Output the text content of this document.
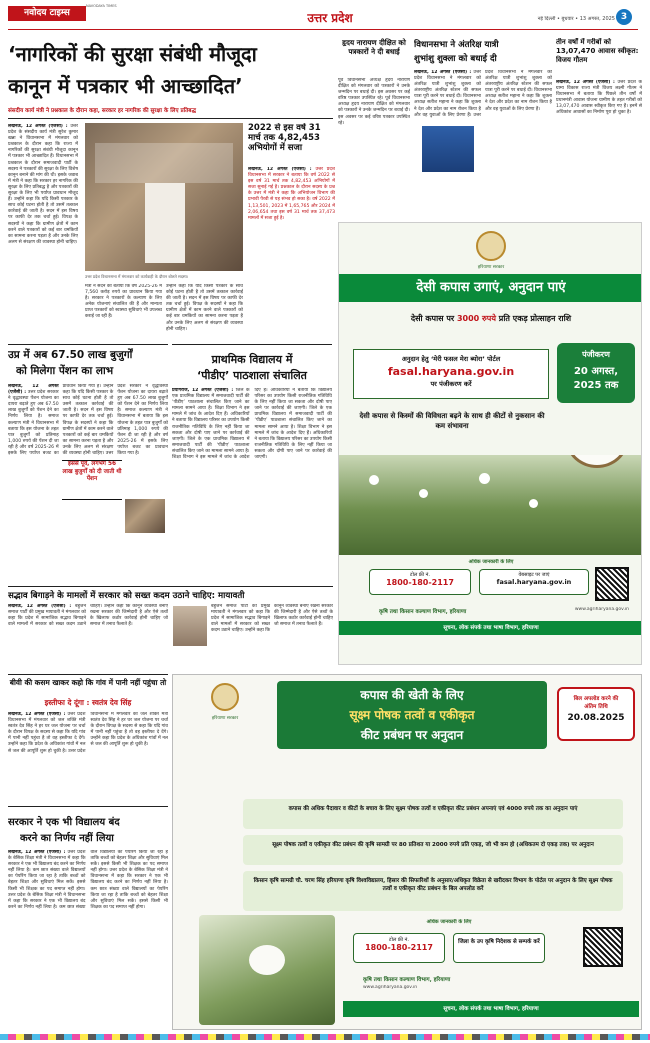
नवोदय टाइम्स
NAVODAYA TIMES
उत्तर प्रदेश	नई दिल्ली • बुधवार • 13 अगस्त, 2025 3
‘नागरिकों की सुरक्षा संबंधी मौजूदा
कानून में पत्रकार भी आच्छादित’
संसदीय कार्य मंत्री ने प्रश्नकाल के दौरान कहा, सरकार हर नागरिक की सुरक्षा के लिए प्रतिबद्ध
लखनऊ, 12 अगस्त (एजेंसी) : उत्तर प्रदेश के संसदीय कार्य मंत्री सुरेश कुमार खन्ना ने विधानसभा में मंगलवार को प्रश्नकाल के दौरान कहा कि राज्य में नागरिकों की सुरक्षा संबंधी मौजूदा कानून में पत्रकार भी आच्छादित हैं। विधानसभा में प्रश्नकाल के दौरान समाजवादी पार्टी के सदस्य ने पत्रकारों की सुरक्षा के लिए विशेष कानून बनाने की मांग की थी। इसके जवाब में मंत्री ने कहा कि सरकार हर नागरिक की सुरक्षा के लिए प्रतिबद्ध है और पत्रकारों की सुरक्षा के लिए भी पर्याप्त प्रावधान मौजूद हैं। उन्होंने कहा कि यदि किसी पत्रकार के साथ कोई घटना होती है तो उसमें तत्काल कार्रवाई की जाती है। सदन में इस विषय पर काफी देर तक चर्चा हुई। विपक्ष के सदस्यों ने कहा कि ग्रामीण क्षेत्रों में काम करने वाले पत्रकारों को कई बार धमकियों का सामना करना पड़ता है और उनके लिए अलग से संरक्षण की व्यवस्था होनी चाहिए।
उत्तर प्रदेश विधानसभा में मंगलवार को कार्यवाही के दौरान बोलते सदस्य।
मंत्री ने सदन को बताया कि वर्ष 2025-26 में 7,560 करोड़ रुपये का प्रावधान किया गया है। सरकार ने पत्रकारों के कल्याण के लिए अनेक योजनाएं संचालित की हैं और मान्यता प्राप्त पत्रकारों को स्वास्थ्य सुविधाएं भी उपलब्ध कराई जा रही हैं।
उन्होंने कहा कि यदि किसी पत्रकार के साथ कोई घटना होती है तो उसमें तत्काल कार्रवाई की जाती है। सदन में इस विषय पर काफी देर तक चर्चा हुई। विपक्ष के सदस्यों ने कहा कि ग्रामीण क्षेत्रों में काम करने वाले पत्रकारों को कई बार धमकियों का सामना करना पड़ता है और उनके लिए अलग से संरक्षण की व्यवस्था होनी चाहिए।
2022 से इस वर्ष 31 मार्च तक 4,82,453 अभियोगों में सजा
लखनऊ, 12 अगस्त (एजेंसी) : उत्तर प्रदेश विधानसभा में सरकार ने बताया कि वर्ष 2022 से इस वर्ष 31 मार्च तक 4,82,453 अभियोगों में सजा सुनाई गई है। प्रश्नकाल के दौरान सदस्य के प्रश्न के उत्तर में मंत्री ने कहा कि अभियोजन विभाग की प्रभावी पैरवी से यह संभव हो सका है। वर्ष 2022 में 1,13,501, 2023 में 1,65,765 और 2024 में 2,06,654 तथा इस वर्ष 31 मार्च तक 37,473 मामलों में सजा हुई है।
उप्र में अब 67.50 लाख बुजुर्गों
को मिलेगा पेंशन का लाभ
लखनऊ, 12 अगस्त (एजेंसी) : उत्तर प्रदेश सरकार ने वृद्धावस्था पेंशन योजना का दायरा बढ़ाते हुए अब 67.50 लाख बुजुर्गों को पेंशन देने का निर्णय लिया है। समाज कल्याण मंत्री ने विधानसभा में बताया कि इस योजना के तहत पात्र बुजुर्गों को प्रतिमाह 1,000 रुपये की पेंशन दी जा रही है और वर्ष 2025-26 में इसके लिए पर्याप्त बजट का प्रावधान किया गया है। उन्होंने कहा कि यदि किसी पत्रकार के साथ कोई घटना होती है तो उसमें तत्काल कार्रवाई की जाती है। सदन में इस विषय पर काफी देर तक चर्चा हुई। विपक्ष के सदस्यों ने कहा कि ग्रामीण क्षेत्रों में काम करने वाले पत्रकारों को कई बार धमकियों का सामना करना पड़ता है और उनके लिए अलग से संरक्षण की व्यवस्था होनी चाहिए। उत्तर प्रदेश सरकार ने वृद्धावस्था पेंशन योजना का दायरा बढ़ाते हुए अब 67.50 लाख बुजुर्गों को पेंशन देने का निर्णय लिया है। समाज कल्याण मंत्री ने विधानसभा में बताया कि इस योजना के तहत पात्र बुजुर्गों को प्रतिमाह 1,000 रुपये की पेंशन दी जा रही है और वर्ष 2025-26 में इसके लिए पर्याप्त बजट का प्रावधान किया गया है।
इससे पूर्व, लगभग 56 लाख बुजुर्गों को दी जाती थी पेंशन
प्राथमिक विद्यालय में
‘पीडीए’ पाठशाला संचालित
प्रयागराज, 12 अगस्त (एजेंसी) : जिले के एक प्राथमिक विद्यालय में समाजवादी पार्टी की ‘पीडीए’ पाठशाला संचालित किए जाने का मामला सामने आया है। शिक्षा विभाग ने इस मामले में जांच के आदेश दिए हैं। अधिकारियों ने बताया कि विद्यालय परिसर का उपयोग किसी राजनीतिक गतिविधि के लिए नहीं किया जा सकता और दोषी पाए जाने पर कार्रवाई की जाएगी। जिले के एक प्राथमिक विद्यालय में समाजवादी पार्टी की ‘पीडीए’ पाठशाला संचालित किए जाने का मामला सामने आया है। शिक्षा विभाग ने इस मामले में जांच के आदेश दिए हैं। अधिकारियों ने बताया कि विद्यालय परिसर का उपयोग किसी राजनीतिक गतिविधि के लिए नहीं किया जा सकता और दोषी पाए जाने पर कार्रवाई की जाएगी। जिले के एक प्राथमिक विद्यालय में समाजवादी पार्टी की ‘पीडीए’ पाठशाला संचालित किए जाने का मामला सामने आया है। शिक्षा विभाग ने इस मामले में जांच के आदेश दिए हैं। अधिकारियों ने बताया कि विद्यालय परिसर का उपयोग किसी राजनीतिक गतिविधि के लिए नहीं किया जा सकता और दोषी पाए जाने पर कार्रवाई की जाएगी।
सद्भाव बिगाड़ने के मामलों में सरकार को सख्त कदम उठाने चाहिए: मायावती
लखनऊ, 12 अगस्त (एजेंसी) : बहुजन समाज पार्टी की प्रमुख मायावती ने मंगलवार को कहा कि प्रदेश में सामाजिक सद्भाव बिगाड़ने वाले मामलों में सरकार को सख्त कदम उठाने चाहिए। उन्होंने कहा कि कानून व्यवस्था बनाए रखना सरकार की जिम्मेदारी है और ऐसे तत्वों के खिलाफ कठोर कार्रवाई होनी चाहिए जो समाज में तनाव फैलाते हैं।
बहुजन समाज पार्टी की प्रमुख मायावती ने मंगलवार को कहा कि प्रदेश में सामाजिक सद्भाव बिगाड़ने वाले मामलों में सरकार को सख्त कदम उठाने चाहिए। उन्होंने कहा कि कानून व्यवस्था बनाए रखना सरकार की जिम्मेदारी है और ऐसे तत्वों के खिलाफ कठोर कार्रवाई होनी चाहिए जो समाज में तनाव फैलाते हैं।
बीवी की कसम खाकर कहो कि गांव में पानी नहीं पहुंचा तो
इस्तीफा दे दूंगा : स्वतंत्र देव सिंह
लखनऊ, 12 अगस्त (एजेंसी) : उत्तर प्रदेश विधानसभा में मंगलवार को जल शक्ति मंत्री स्वतंत्र देव सिंह ने हर घर जल योजना पर चर्चा के दौरान विपक्ष के सदस्य से कहा कि यदि गांव में पानी नहीं पहुंचा है तो वह इस्तीफा दे देंगे। उन्होंने कहा कि प्रदेश के अधिकांश गांवों में नल से जल की आपूर्ति शुरू हो चुकी है। उत्तर प्रदेश विधानसभा में मंगलवार को जल शक्ति मंत्री स्वतंत्र देव सिंह ने हर घर जल योजना पर चर्चा के दौरान विपक्ष के सदस्य से कहा कि यदि गांव में पानी नहीं पहुंचा है तो वह इस्तीफा दे देंगे। उन्होंने कहा कि प्रदेश के अधिकांश गांवों में नल से जल की आपूर्ति शुरू हो चुकी है।
सरकार ने एक भी विद्यालय बंद
करने का निर्णय नहीं लिया
लखनऊ, 12 अगस्त (एजेंसी) : उत्तर प्रदेश के बेसिक शिक्षा मंत्री ने विधानसभा में कहा कि सरकार ने एक भी विद्यालय बंद करने का निर्णय नहीं लिया है। कम छात्र संख्या वाले विद्यालयों का पेयरिंग किया जा रहा है ताकि बच्चों को बेहतर शिक्षा और सुविधाएं मिल सकें। इससे किसी भी शिक्षक का पद समाप्त नहीं होगा। उत्तर प्रदेश के बेसिक शिक्षा मंत्री ने विधानसभा में कहा कि सरकार ने एक भी विद्यालय बंद करने का निर्णय नहीं लिया है। कम छात्र संख्या वाले विद्यालयों का पेयरिंग किया जा रहा है ताकि बच्चों को बेहतर शिक्षा और सुविधाएं मिल सकें। इससे किसी भी शिक्षक का पद समाप्त नहीं होगा। उत्तर प्रदेश के बेसिक शिक्षा मंत्री ने विधानसभा में कहा कि सरकार ने एक भी विद्यालय बंद करने का निर्णय नहीं लिया है। कम छात्र संख्या वाले विद्यालयों का पेयरिंग किया जा रहा है ताकि बच्चों को बेहतर शिक्षा और सुविधाएं मिल सकें। इससे किसी भी शिक्षक का पद समाप्त नहीं होगा।
हृदय नारायण दीक्षित को पत्रकारों ने दी बधाई
पूर्व विधानसभा अध्यक्ष हृदय नारायण दीक्षित को मंगलवार को पत्रकारों ने उनके जन्मदिन पर बधाई दी। इस अवसर पर कई वरिष्ठ पत्रकार उपस्थित रहे। पूर्व विधानसभा अध्यक्ष हृदय नारायण दीक्षित को मंगलवार को पत्रकारों ने उनके जन्मदिन पर बधाई दी। इस अवसर पर कई वरिष्ठ पत्रकार उपस्थित रहे।
विधानसभा ने अंतरिक्ष यात्री
शुभांशु शुक्ला को बधाई दी
लखनऊ, 12 अगस्त (एजेंसी) : उत्तर प्रदेश विधानसभा ने मंगलवार को अंतरिक्ष यात्री शुभांशु शुक्ला को अंतरराष्ट्रीय अंतरिक्ष स्टेशन की सफल यात्रा पूरी करने पर बधाई दी। विधानसभा अध्यक्ष सतीश महाना ने कहा कि शुक्ला ने देश और प्रदेश का नाम रोशन किया है और वह युवाओं के लिए प्रेरणा हैं। उत्तर प्रदेश विधानसभा ने मंगलवार को अंतरिक्ष यात्री शुभांशु शुक्ला को अंतरराष्ट्रीय अंतरिक्ष स्टेशन की सफल यात्रा पूरी करने पर बधाई दी। विधानसभा अध्यक्ष सतीश महाना ने कहा कि शुक्ला ने देश और प्रदेश का नाम रोशन किया है और वह युवाओं के लिए प्रेरणा हैं।
तीन वर्षों में गरीबों को 13,07,470 आवास स्वीकृत: विजय गौतम
लखनऊ, 12 अगस्त (एजेंसी) : उत्तर प्रदेश के ग्राम्य विकास राज्य मंत्री विजय लक्ष्मी गौतम ने विधानसभा में बताया कि पिछले तीन वर्षों में प्रधानमंत्री आवास योजना ग्रामीण के तहत गरीबों को 13,07,470 आवास स्वीकृत किए गए हैं। इनमें से अधिकांश आवासों का निर्माण पूरा हो चुका है।
हरियाणा सरकार
देसी कपास उगाएं, अनुदान पाएं
देसी कपास पर 3000 रुपये प्रति एकड़ प्रोत्साहन राशि
अनुदान हेतु ‘मेरी फसल मेरा ब्योरा’ पोर्टल
fasal.haryana.gov.in
पर पंजीकरण करें
पंजीकरण
20 अगस्त,
2025 तक
देसी कपास से किस्मों की विविधता बढ़ने के साथ ही कीटों से नुकसान की कम संभावना
अधिक जानकारी के लिए
टोल फ्री नं.
1800-180-2117
वेबसाइट पर जाएं
fasal.haryana.gov.in
कृषि तथा किसान कल्याण विभाग, हरियाणा	www.agriharyana.gov.in
सूचना, लोक संपर्क तथा भाषा विभाग, हरियाणा
हरियाणा सरकार
कपास की खेती के लिए
सूक्ष्म पोषक तत्वों व एकीकृत
कीट प्रबंधन पर अनुदान
बिल अपलोड करने की
अंतिम तिथि
20.08.2025
कपास की अधिक पैदावार व कीटों के बचाव के लिए सूक्ष्म पोषक तत्वों व एकीकृत कीट प्रबंधन अपनाएं एवं 4000 रुपये तक का अनुदान पाएं
सूक्ष्म पोषक तत्वों व एकीकृत कीट प्रबंधन की कृषि सामग्री पर 80 प्रतिशत या 2000 रुपये प्रति एकड़, जो भी कम हो (अधिकतम दो एकड़ तक) पर अनुदान
किसान कृषि सामग्री चौ. चरण सिंह हरियाणा कृषि विश्वविद्यालय, हिसार की सिफारिशों के अनुसार/अधिकृत विक्रेता से खरीदकर विभाग के पोर्टल पर अनुदान के लिए सूक्ष्म पोषक तत्वों व एकीकृत कीट प्रबंधन के बिल अपलोड करें
अधिक जानकारी के लिए
टोल फ्री नं.
1800-180-2117
जिला के उप कृषि निदेशक से सम्पर्क करें
कृषि तथा किसान कल्याण विभाग, हरियाणा
www.agriharyana.gov.in
सूचना, लोक संपर्क तथा भाषा विभाग, हरियाणा
